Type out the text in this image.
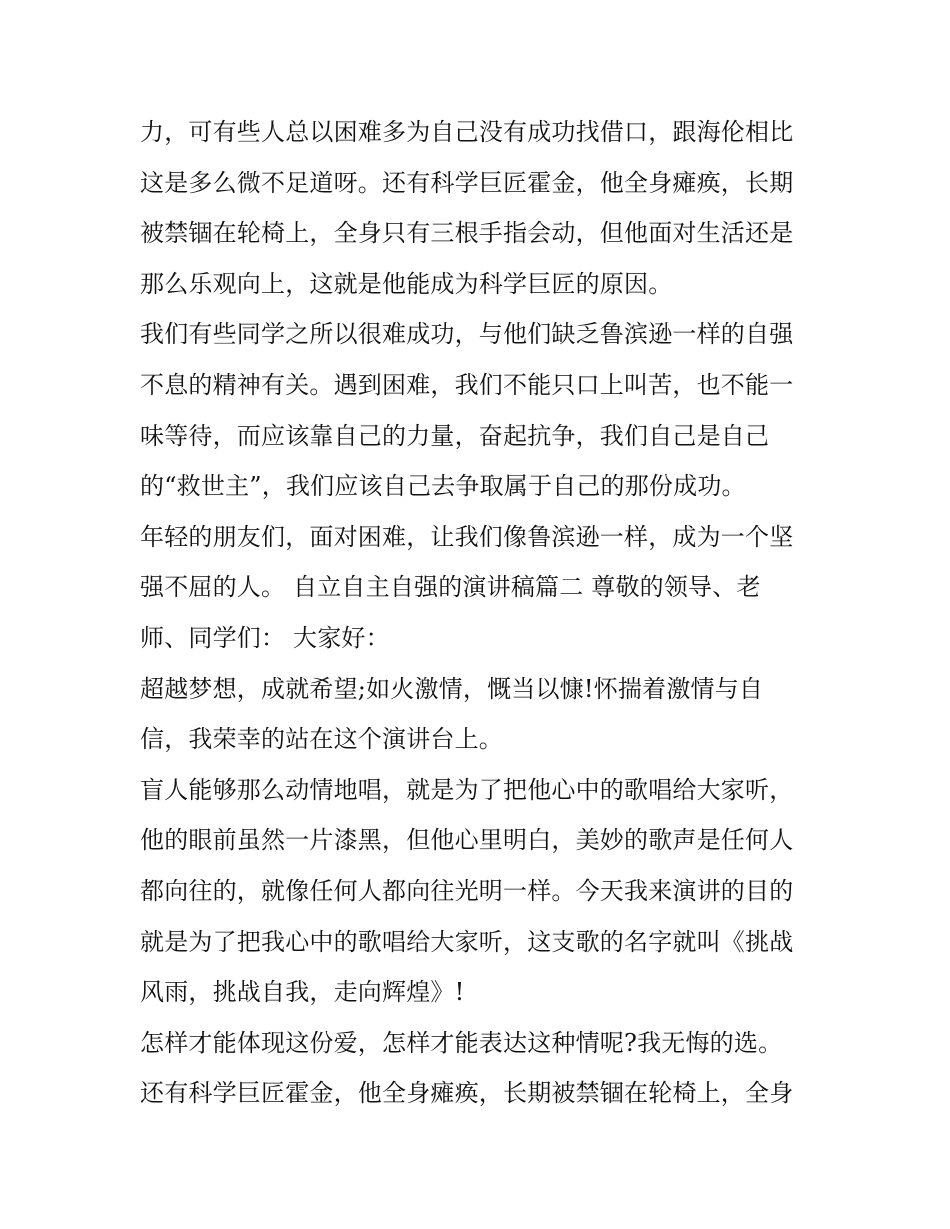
力，可有些人总以困难多为自己没有成功找借口，跟海伦相比
这是多么微不足道呀。还有科学巨匠霍金，他全身瘫痪，长期
被禁锢在轮椅上，全身只有三根手指会动，但他面对生活还是
那么乐观向上，这就是他能成为科学巨匠的原因。
我们有些同学之所以很难成功，与他们缺乏鲁滨逊一样的自强
不息的精神有关。遇到困难，我们不能只口上叫苦，也不能一
味等待，而应该靠自己的力量，奋起抗争，我们自己是自己
的“救世主”，我们应该自己去争取属于自己的那份成功。
年轻的朋友们，面对困难，让我们像鲁滨逊一样，成为一个坚
强不屈的人。 自立自主自强的演讲稿篇二 尊敬的领导、老
师、同学们： 大家好：
超越梦想，成就希望;如火激情，慨当以慷!怀揣着激情与自
信，我荣幸的站在这个演讲台上。
盲人能够那么动情地唱，就是为了把他心中的歌唱给大家听，
他的眼前虽然一片漆黑，但他心里明白，美妙的歌声是任何人
都向往的，就像任何人都向往光明一样。今天我来演讲的目的
就是为了把我心中的歌唱给大家听，这支歌的名字就叫《挑战
风雨，挑战自我，走向辉煌》!
怎样才能体现这份爱，怎样才能表达这种情呢?我无悔的选。
还有科学巨匠霍金，他全身瘫痪，长期被禁锢在轮椅上，全身
